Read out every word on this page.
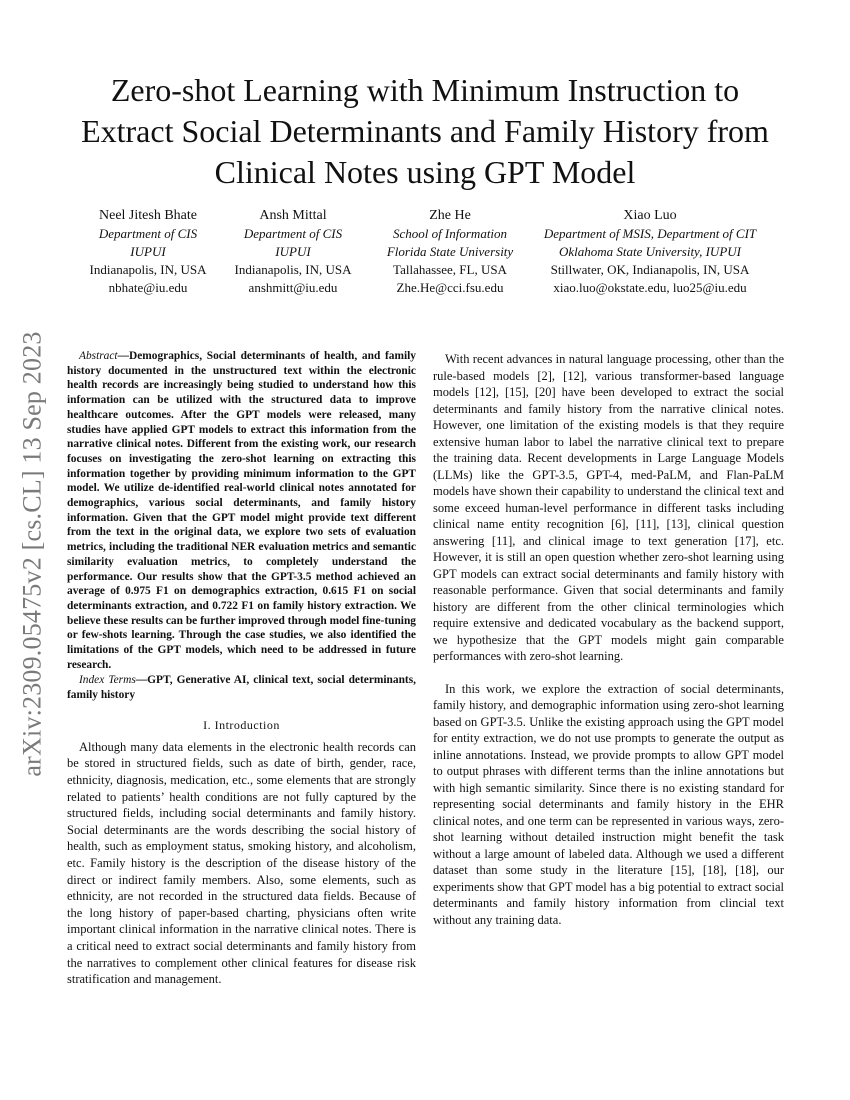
arXiv:2309.05475v2 [cs.CL] 13 Sep 2023
Zero-shot Learning with Minimum Instruction to Extract Social Determinants and Family History from Clinical Notes using GPT Model
Neel Jitesh Bhate
Department of CIS
IUPUI
Indianapolis, IN, USA
nbhate@iu.edu
Ansh Mittal
Department of CIS
IUPUI
Indianapolis, IN, USA
anshmitt@iu.edu
Zhe He
School of Information
Florida State University
Tallahassee, FL, USA
Zhe.He@cci.fsu.edu
Xiao Luo
Department of MSIS, Department of CIT
Oklahoma State University, IUPUI
Stillwater, OK, Indianapolis, IN, USA
xiao.luo@okstate.edu, luo25@iu.edu

Abstract—Demographics, Social determinants of health, and family history documented in the unstructured text within the electronic health records are increasingly being studied to understand how this information can be utilized with the structured data to improve healthcare outcomes. After the GPT models were released, many studies have applied GPT models to extract this information from the narrative clinical notes. Different from the existing work, our research focuses on investigating the zero-shot learning on extracting this information together by providing minimum information to the GPT model. We utilize de-identified real-world clinical notes annotated for demographics, various social determinants, and family history information. Given that the GPT model might provide text different from the text in the original data, we explore two sets of evaluation metrics, including the traditional NER evaluation metrics and semantic similarity evaluation metrics, to completely understand the performance. Our results show that the GPT-3.5 method achieved an average of 0.975 F1 on demographics extraction, 0.615 F1 on social determinants extraction, and 0.722 F1 on family history extraction. We believe these results can be further improved through model fine-tuning or few-shots learning. Through the case studies, we also identified the limitations of the GPT models, which need to be addressed in future research.

Index Terms—GPT, Generative AI, clinical text, social determinants, family history

I. Introduction

Although many data elements in the electronic health records can be stored in structured fields, such as date of birth, gender, race, ethnicity, diagnosis, medication, etc., some elements that are strongly related to patients’ health conditions are not fully captured by the structured fields, including social determinants and family history. Social determinants are the words describing the social history of health, such as employment status, smoking history, and alcoholism, etc. Family history is the description of the disease history of the direct or indirect family members. Also, some elements, such as ethnicity, are not recorded in the structured data fields. Because of the long history of paper-based charting, physicians often write important clinical information in the narrative clinical notes. There is a critical need to extract social determinants and family history from the narratives to complement other clinical features for disease risk stratification and management.

With recent advances in natural language processing, other than the rule-based models [2], [12], various transformer-based language models [12], [15], [20] have been developed to extract the social determinants and family history from the narrative clinical notes. However, one limitation of the existing models is that they require extensive human labor to label the narrative clinical text to prepare the training data. Recent developments in Large Language Models (LLMs) like the GPT-3.5, GPT-4, med-PaLM, and Flan-PaLM models have shown their capability to understand the clinical text and some exceed human-level performance in different tasks including clinical name entity recognition [6], [11], [13], clinical question answering [11], and clinical image to text generation [17], etc. However, it is still an open question whether zero-shot learning using GPT models can extract social determinants and family history with reasonable performance. Given that social determinants and family history are different from the other clinical terminologies which require extensive and dedicated vocabulary as the backend support, we hypothesize that the GPT models might gain comparable performances with zero-shot learning.

In this work, we explore the extraction of social determinants, family history, and demographic information using zero-shot learning based on GPT-3.5. Unlike the existing approach using the GPT model for entity extraction, we do not use prompts to generate the output as inline annotations. Instead, we provide prompts to allow GPT model to output phrases with different terms than the inline annotations but with high semantic similarity. Since there is no existing standard for representing social determinants and family history in the EHR clinical notes, and one term can be represented in various ways, zero-shot learning without detailed instruction might benefit the task without a large amount of labeled data. Although we used a different dataset than some study in the literature [15], [18], [18], our experiments show that GPT model has a big potential to extract social determinants and family history information from clincial text without any training data.
